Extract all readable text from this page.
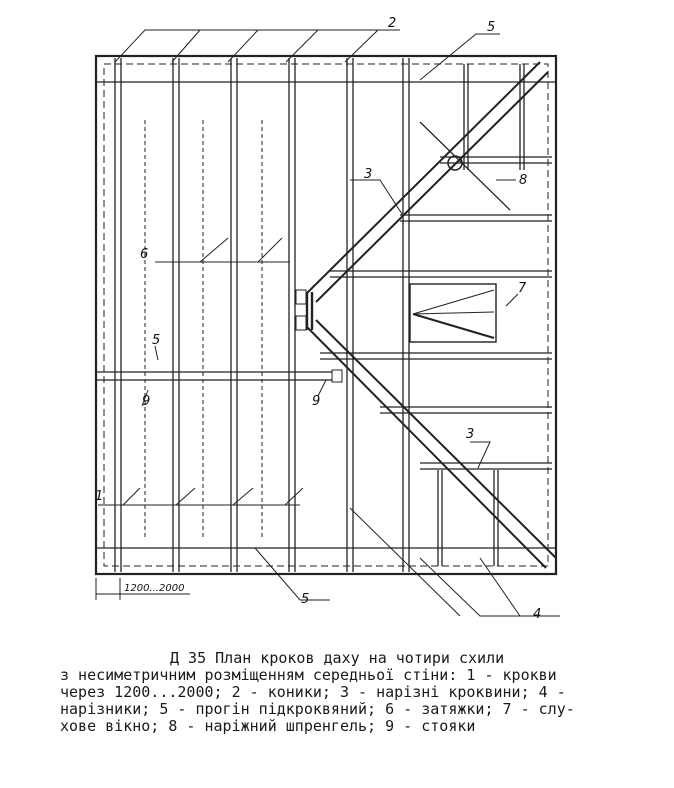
1200...2000
2	5
3	8
6
7
5
9	9
3
1
5
4
Д 35 План кроков даху на чотири схили
з несиметричним розміщенням середньої стіни: 1 - крокви
через 1200...2000; 2 - коники; 3 - нарізні кроквини; 4 -
нарізники; 5 - прогін підкроквяний; 6 - затяжки; 7 - слу-
хове вікно; 8 - наріжний шпренгель; 9 - стояки
